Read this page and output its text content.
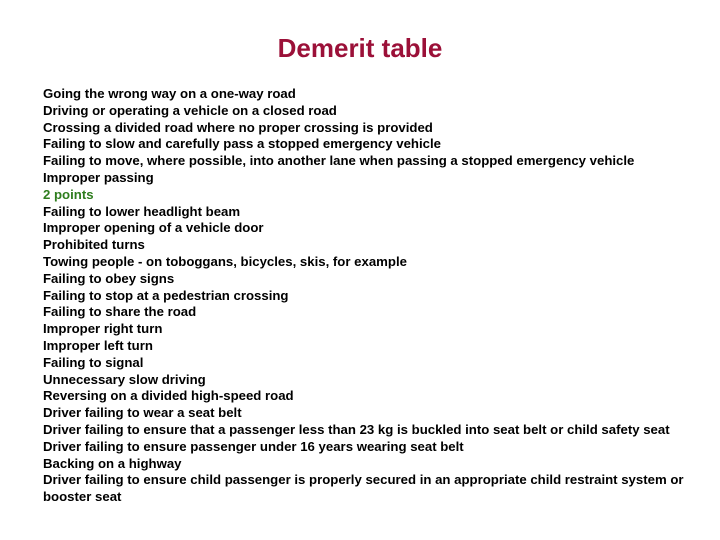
Demerit table
Going the wrong way on a one-way road
Driving or operating a vehicle on a closed road
Crossing a divided road where no proper crossing is provided
Failing to slow and carefully pass a stopped emergency vehicle
Failing to move, where possible, into another lane when passing a stopped emergency vehicle
Improper passing
2 points
Failing to lower headlight beam
Improper opening of a vehicle door
Prohibited turns
Towing people - on toboggans, bicycles, skis, for example
Failing to obey signs
Failing to stop at a pedestrian crossing
Failing to share the road
Improper right turn
Improper left turn
Failing to signal
Unnecessary slow driving
Reversing on a divided high-speed road
Driver failing to wear a seat belt
Driver failing to ensure that a passenger less than 23 kg is buckled into seat belt or child safety seat
Driver failing to ensure passenger under 16 years wearing seat belt
Backing on a highway
Driver failing to ensure child passenger is properly secured in an appropriate child restraint system or booster seat
